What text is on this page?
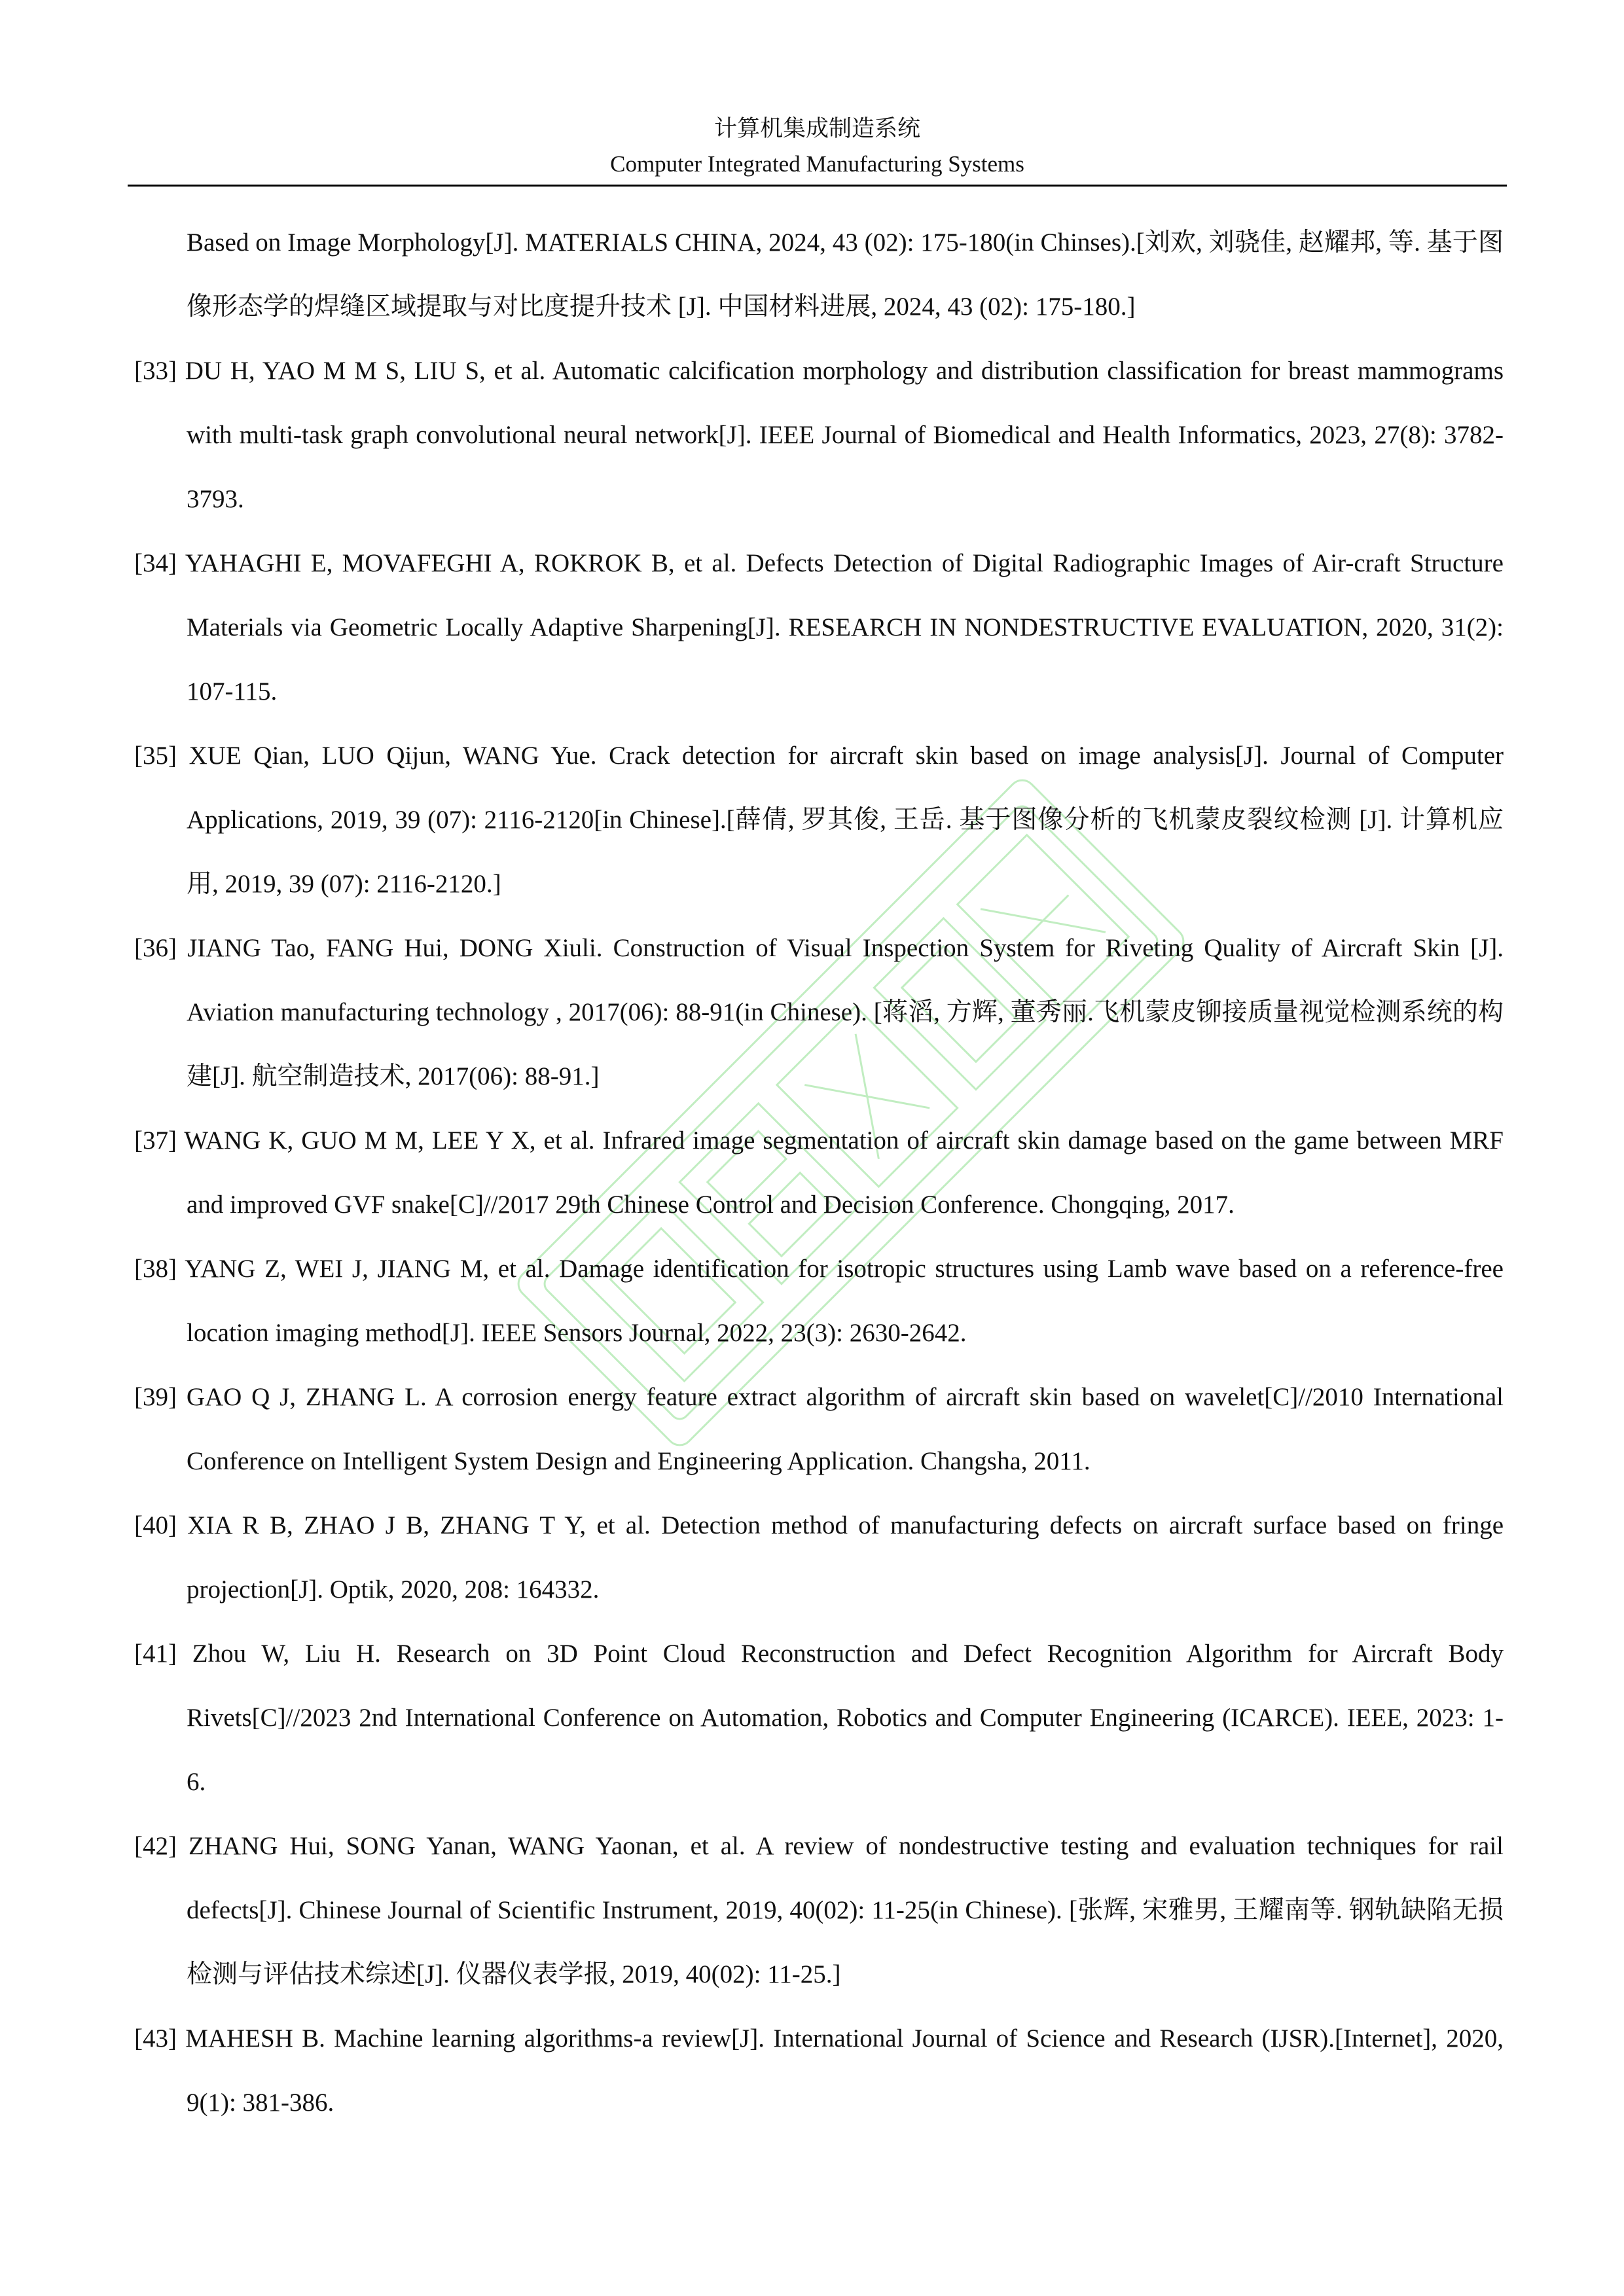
计算机集成制造系统
Computer Integrated Manufacturing Systems

Based on Image Morphology[J]. MATERIALS CHINA, 2024, 43 (02): 175-180(in Chinses).[刘欢, 刘骁佳, 赵耀邦, 等. 基于图像形态学的焊缝区域提取与对比度提升技术 [J]. 中国材料进展, 2024, 43 (02): 175-180.]

[33] DU H, YAO M M S, LIU S, et al. Automatic calcification morphology and distribution classification for breast mammograms with multi-task graph convolutional neural network[J]. IEEE Journal of Biomedical and Health Informatics, 2023, 27(8): 3782-3793.

[34] YAHAGHI E, MOVAFEGHI A, ROKROK B, et al. Defects Detection of Digital Radiographic Images of Air-craft Structure Materials via Geometric Locally Adaptive Sharpening[J]. RESEARCH IN NONDESTRUCTIVE EVALUATION, 2020, 31(2): 107-115.

[35] XUE Qian, LUO Qijun, WANG Yue. Crack detection for aircraft skin based on image analysis[J]. Journal of Computer Applications, 2019, 39 (07): 2116-2120[in Chinese].[薛倩, 罗其俊, 王岳. 基于图像分析的飞机蒙皮裂纹检测 [J]. 计算机应用, 2019, 39 (07): 2116-2120.]

[36] JIANG Tao, FANG Hui, DONG Xiuli. Construction of Visual Inspection System for Riveting Quality of Aircraft Skin [J]. Aviation manufacturing technology , 2017(06): 88-91(in Chinese). [蒋滔, 方辉, 董秀丽.飞机蒙皮铆接质量视觉检测系统的构建[J]. 航空制造技术, 2017(06): 88-91.]

[37] WANG K, GUO M M, LEE Y X, et al. Infrared image segmentation of aircraft skin damage based on the game between MRF and improved GVF snake[C]//2017 29th Chinese Control and Decision Conference. Chongqing, 2017.

[38] YANG Z, WEI J, JIANG M, et al. Damage identification for isotropic structures using Lamb wave based on a reference-free location imaging method[J]. IEEE Sensors Journal, 2022, 23(3): 2630-2642.

[39] GAO Q J, ZHANG L. A corrosion energy feature extract algorithm of aircraft skin based on wavelet[C]//2010 International Conference on Intelligent System Design and Engineering Application. Changsha, 2011.

[40] XIA R B, ZHAO J B, ZHANG T Y, et al. Detection method of manufacturing defects on aircraft surface based on fringe projection[J]. Optik, 2020, 208: 164332.

[41] Zhou W, Liu H. Research on 3D Point Cloud Reconstruction and Defect Recognition Algorithm for Aircraft Body Rivets[C]//2023 2nd International Conference on Automation, Robotics and Computer Engineering (ICARCE). IEEE, 2023: 1-6.

[42] ZHANG Hui, SONG Yanan, WANG Yaonan, et al. A review of nondestructive testing and evaluation techniques for rail defects[J]. Chinese Journal of Scientific Instrument, 2019, 40(02): 11-25(in Chinese). [张辉, 宋雅男, 王耀南等. 钢轨缺陷无损检测与评估技术综述[J]. 仪器仪表学报, 2019, 40(02): 11-25.]

[43] MAHESH B. Machine learning algorithms-a review[J]. International Journal of Science and Research (IJSR).[Internet], 2020, 9(1): 381-386.
